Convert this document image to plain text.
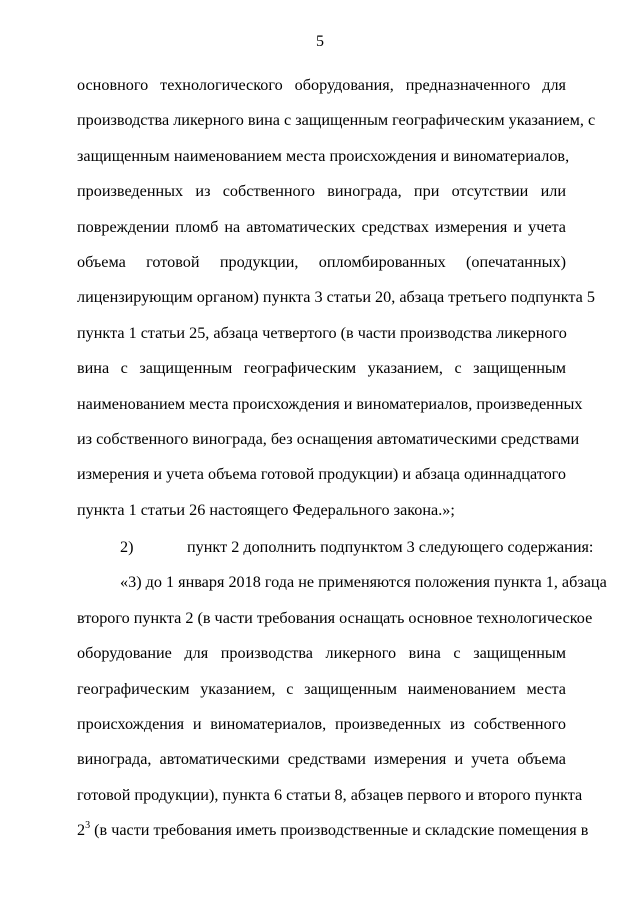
5
основного технологического оборудования, предназначенного для
производства ликерного вина с защищенным географическим указанием, с
защищенным наименованием места происхождения и виноматериалов,
произведенных из собственного винограда, при отсутствии или
повреждении пломб на автоматических средствах измерения и учета
объема готовой продукции, опломбированных (опечатанных)
лицензирующим органом) пункта 3 статьи 20, абзаца третьего подпункта 5
пункта 1 статьи 25, абзаца четвертого (в части производства ликерного
вина с защищенным географическим указанием, с защищенным
наименованием места происхождения и виноматериалов, произведенных
из собственного винограда, без оснащения автоматическими средствами
измерения и учета объема готовой продукции) и абзаца одиннадцатого
пункта 1 статьи 26 настоящего Федерального закона.»;
2)	пункт 2 дополнить подпунктом 3 следующего содержания:
«3) до 1 января 2018 года не применяются положения пункта 1, абзаца
второго пункта 2 (в части требования оснащать основное технологическое
оборудование для производства ликерного вина с защищенным
географическим указанием, с защищенным наименованием места
происхождения и виноматериалов, произведенных из собственного
винограда, автоматическими средствами измерения и учета объема
готовой продукции), пункта 6 статьи 8, абзацев первого и второго пункта
$2^3$ (в части требования иметь производственные и складские помещения в
